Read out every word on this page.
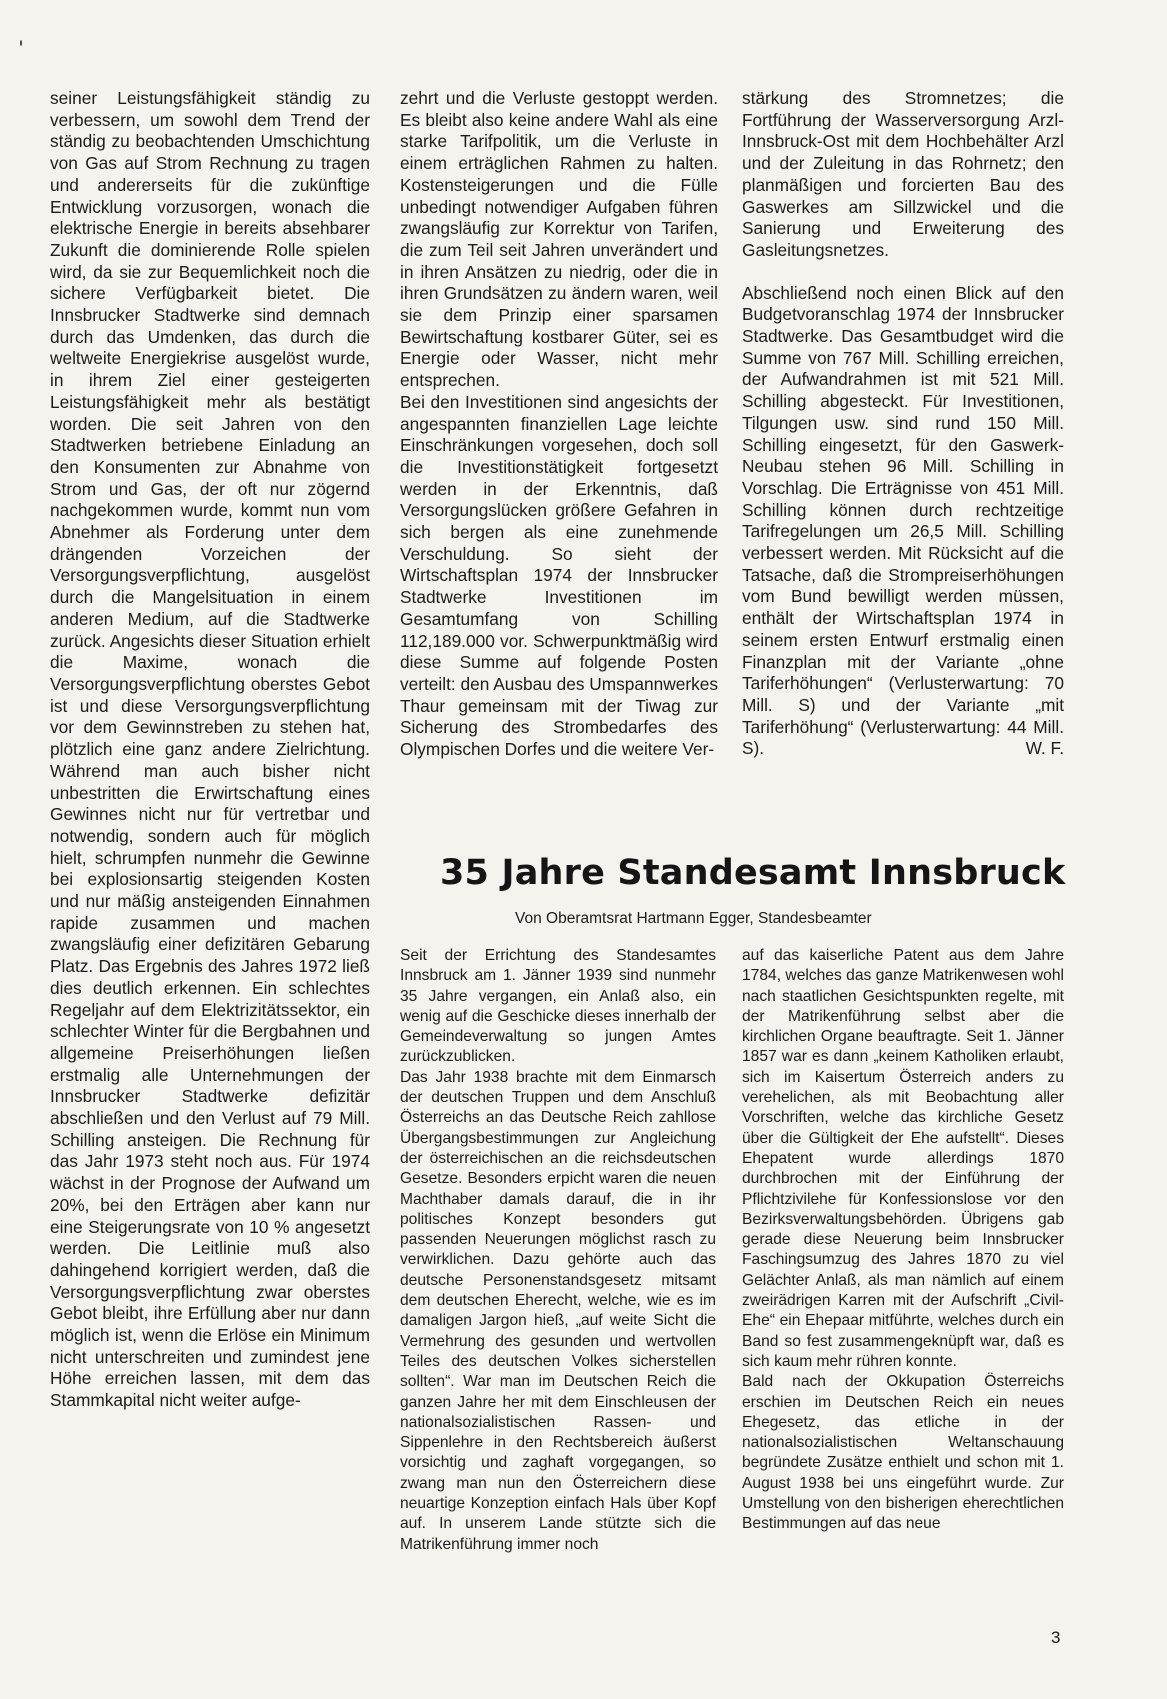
seiner Leistungsfähigkeit ständig zu verbessern, um sowohl dem Trend der ständig zu beobachtenden Umschichtung von Gas auf Strom Rechnung zu tragen und andererseits für die zukünftige Entwicklung vorzusorgen, wonach die elektrische Energie in bereits absehbarer Zukunft die dominierende Rolle spielen wird, da sie zur Bequemlichkeit noch die sichere Verfügbarkeit bietet. Die Innsbrucker Stadtwerke sind demnach durch das Umdenken, das durch die weltweite Energiekrise ausgelöst wurde, in ihrem Ziel einer gesteigerten Leistungsfähigkeit mehr als bestätigt worden. Die seit Jahren von den Stadtwerken betriebene Einladung an den Konsumenten zur Abnahme von Strom und Gas, der oft nur zögernd nachgekommen wurde, kommt nun vom Abnehmer als Forderung unter dem drängenden Vorzeichen der Versorgungsverpflichtung, ausgelöst durch die Mangelsituation in einem anderen Medium, auf die Stadtwerke zurück. Angesichts dieser Situation erhielt die Maxime, wonach die Versorgungsverpflichtung oberstes Gebot ist und diese Versorgungsverpflichtung vor dem Gewinnstreben zu stehen hat, plötzlich eine ganz andere Zielrichtung. Während man auch bisher nicht unbestritten die Erwirtschaftung eines Gewinnes nicht nur für vertretbar und notwendig, sondern auch für möglich hielt, schrumpfen nunmehr die Gewinne bei explosionsartig steigenden Kosten und nur mäßig ansteigenden Einnahmen rapide zusammen und machen zwangsläufig einer defizitären Gebarung Platz. Das Ergebnis des Jahres 1972 ließ dies deutlich erkennen. Ein schlechtes Regeljahr auf dem Elektrizitätssektor, ein schlechter Winter für die Bergbahnen und allgemeine Preiserhöhungen ließen erstmalig alle Unternehmungen der Innsbrucker Stadtwerke defizitär abschließen und den Verlust auf 79 Mill. Schilling ansteigen. Die Rechnung für das Jahr 1973 steht noch aus. Für 1974 wächst in der Prognose der Aufwand um 20%, bei den Erträgen aber kann nur eine Steigerungsrate von 10 % angesetzt werden. Die Leitlinie muß also dahingehend korrigiert werden, daß die Versorgungsverpflichtung zwar oberstes Gebot bleibt, ihre Erfüllung aber nur dann möglich ist, wenn die Erlöse ein Minimum nicht unterschreiten und zumindest jene Höhe erreichen lassen, mit dem das Stammkapital nicht weiter aufge-

zehrt und die Verluste gestoppt werden. Es bleibt also keine andere Wahl als eine starke Tarifpolitik, um die Verluste in einem erträglichen Rahmen zu halten. Kostensteigerungen und die Fülle unbedingt notwendiger Aufgaben führen zwangsläufig zur Korrektur von Tarifen, die zum Teil seit Jahren unverändert und in ihren Ansätzen zu niedrig, oder die in ihren Grundsätzen zu ändern waren, weil sie dem Prinzip einer sparsamen Bewirtschaftung kostbarer Güter, sei es Energie oder Wasser, nicht mehr entsprechen.

Bei den Investitionen sind angesichts der angespannten finanziellen Lage leichte Einschränkungen vorgesehen, doch soll die Investitionstätigkeit fortgesetzt werden in der Erkenntnis, daß Versorgungslücken größere Gefahren in sich bergen als eine zunehmende Verschuldung. So sieht der Wirtschaftsplan 1974 der Innsbrucker Stadtwerke Investitionen im Gesamtumfang von Schilling 112,189.000 vor. Schwerpunktmäßig wird diese Summe auf folgende Posten verteilt: den Ausbau des Umspannwerkes Thaur gemeinsam mit der Tiwag zur Sicherung des Strombedarfes des Olympischen Dorfes und die weitere Ver-

stärkung des Stromnetzes; die Fortführung der Wasserversorgung Arzl-Innsbruck-Ost mit dem Hochbehälter Arzl und der Zuleitung in das Rohrnetz; den planmäßigen und forcierten Bau des Gaswerkes am Sillzwickel und die Sanierung und Erweiterung des Gasleitungsnetzes.

Abschließend noch einen Blick auf den Budgetvoranschlag 1974 der Innsbrucker Stadtwerke. Das Gesamtbudget wird die Summe von 767 Mill. Schilling erreichen, der Aufwandrahmen ist mit 521 Mill. Schilling abgesteckt. Für Investitionen, Tilgungen usw. sind rund 150 Mill. Schilling eingesetzt, für den Gaswerk-Neubau stehen 96 Mill. Schilling in Vorschlag. Die Erträgnisse von 451 Mill. Schilling können durch rechtzeitige Tarifregelungen um 26,5 Mill. Schilling verbessert werden. Mit Rücksicht auf die Tatsache, daß die Strompreiserhöhungen vom Bund bewilligt werden müssen, enthält der Wirtschaftsplan 1974 in seinem ersten Entwurf erstmalig einen Finanzplan mit der Variante „ohne Tariferhöhungen“ (Verlusterwartung: 70 Mill. S) und der Variante „mit Tariferhöhung“ (Verlusterwartung: 44 Mill. S).	W. F.

35 Jahre Standesamt Innsbruck
Von Oberamtsrat Hartmann Egger, Standesbeamter

Seit der Errichtung des Standesamtes Innsbruck am 1. Jänner 1939 sind nunmehr 35 Jahre vergangen, ein Anlaß also, ein wenig auf die Geschicke dieses innerhalb der Gemeindeverwaltung so jungen Amtes zurückzublicken.

Das Jahr 1938 brachte mit dem Einmarsch der deutschen Truppen und dem Anschluß Österreichs an das Deutsche Reich zahllose Übergangsbestimmungen zur Angleichung der österreichischen an die reichsdeutschen Gesetze. Besonders erpicht waren die neuen Machthaber damals darauf, die in ihr politisches Konzept besonders gut passenden Neuerungen möglichst rasch zu verwirklichen. Dazu gehörte auch das deutsche Personenstandsgesetz mitsamt dem deutschen Eherecht, welche, wie es im damaligen Jargon hieß, „auf weite Sicht die Vermehrung des gesunden und wertvollen Teiles des deutschen Volkes sicherstellen sollten“. War man im Deutschen Reich die ganzen Jahre her mit dem Einschleusen der nationalsozialistischen Rassen- und Sippenlehre in den Rechtsbereich äußerst vorsichtig und zaghaft vorgegangen, so zwang man nun den Österreichern diese neuartige Konzeption einfach Hals über Kopf auf. In unserem Lande stützte sich die Matrikenführung immer noch

auf das kaiserliche Patent aus dem Jahre 1784, welches das ganze Matrikenwesen wohl nach staatlichen Gesichtspunkten regelte, mit der Matrikenführung selbst aber die kirchlichen Organe beauftragte. Seit 1. Jänner 1857 war es dann „keinem Katholiken erlaubt, sich im Kaisertum Österreich anders zu verehelichen, als mit Beobachtung aller Vorschriften, welche das kirchliche Gesetz über die Gültigkeit der Ehe aufstellt“. Dieses Ehepatent wurde allerdings 1870 durchbrochen mit der Einführung der Pflichtzivilehe für Konfessionslose vor den Bezirksverwaltungsbehörden. Übrigens gab gerade diese Neuerung beim Innsbrucker Faschingsumzug des Jahres 1870 zu viel Gelächter Anlaß, als man nämlich auf einem zweirädrigen Karren mit der Aufschrift „Civil-Ehe“ ein Ehepaar mitführte, welches durch ein Band so fest zusammengeknüpft war, daß es sich kaum mehr rühren konnte.

Bald nach der Okkupation Österreichs erschien im Deutschen Reich ein neues Ehegesetz, das etliche in der nationalsozialistischen Weltanschauung begründete Zusätze enthielt und schon mit 1. August 1938 bei uns eingeführt wurde. Zur Umstellung von den bisherigen eherechtlichen Bestimmungen auf das neue

3
